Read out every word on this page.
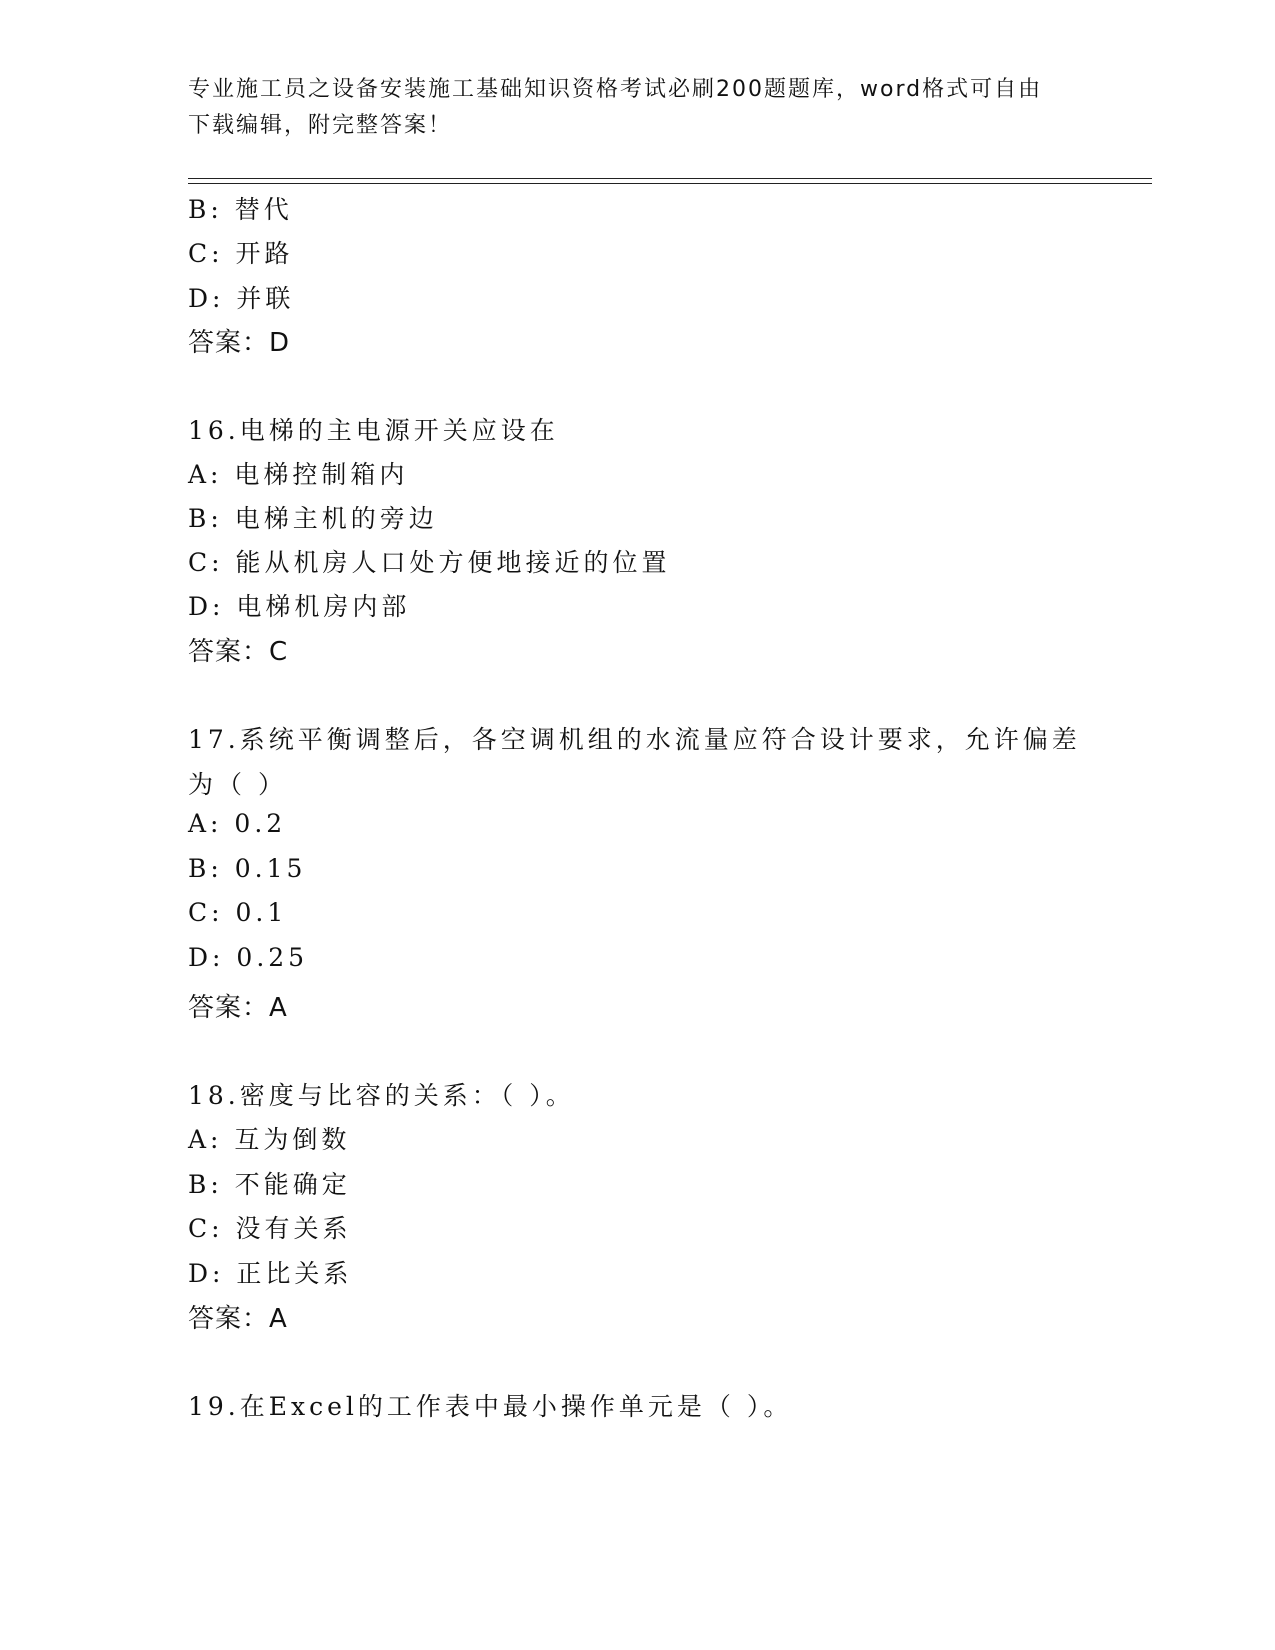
专业施工员之设备安装施工基础知识资格考试必刷200题题库，word格式可自由
下载编辑，附完整答案！
B: 替代
C: 开路
D: 并联
答案：D
16.电梯的主电源开关应设在
A: 电梯控制箱内
B: 电梯主机的旁边
C: 能从机房人口处方便地接近的位置
D: 电梯机房内部
答案：C
17.系统平衡调整后，各空调机组的水流量应符合设计要求，允许偏差
为（ ）
A: 0.2
B: 0.15
C: 0.1
D: 0.25
答案：A
18.密度与比容的关系：（ ）。
A: 互为倒数
B: 不能确定
C: 没有关系
D: 正比关系
答案：A
19.在Excel的工作表中最小操作单元是（ ）。
